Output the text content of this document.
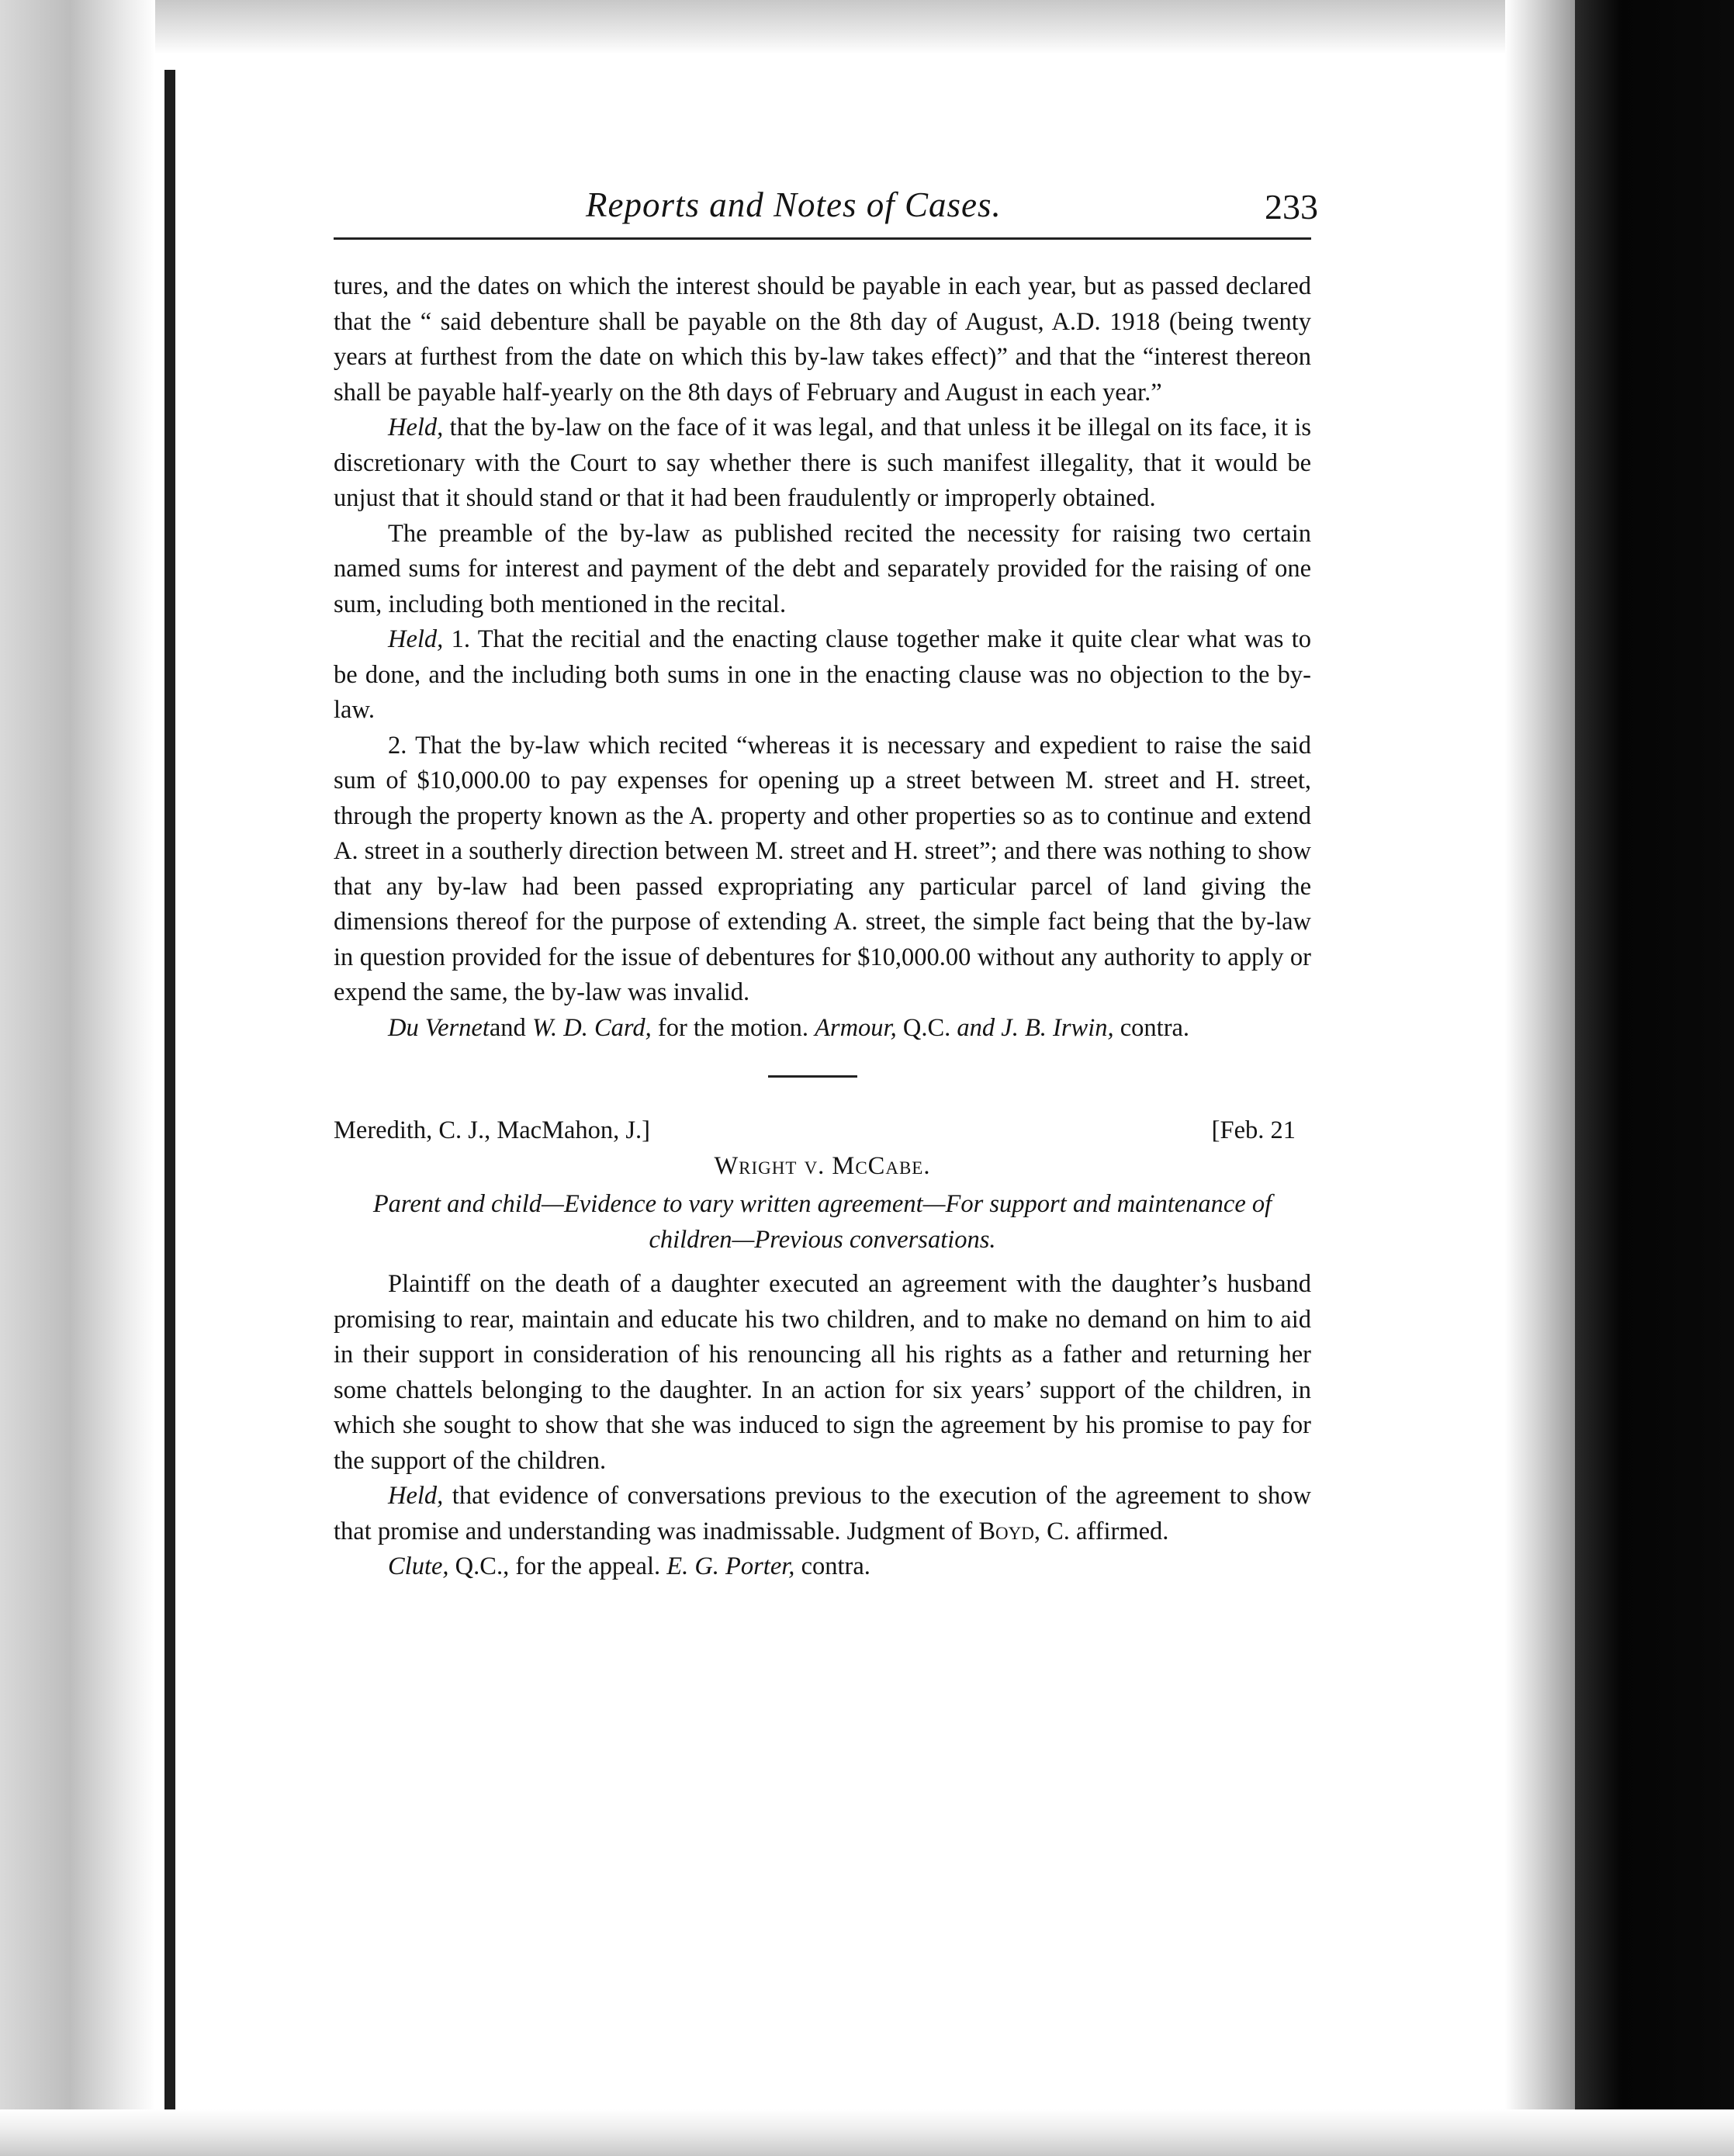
Reports and Notes of Cases.	233

tures, and the dates on which the interest should be payable in each year, but as passed declared that the “ said debenture shall be payable on the 8th day of August, A.D. 1918 (being twenty years at furthest from the date on which this by-law takes effect)” and that the “interest thereon shall be payable half-yearly on the 8th days of February and August in each year.”

Held, that the by-law on the face of it was legal, and that unless it be illegal on its face, it is discretionary with the Court to say whether there is such manifest illegality, that it would be unjust that it should stand or that it had been fraudulently or improperly obtained.

The preamble of the by-law as published recited the necessity for raising two certain named sums for interest and payment of the debt and separately provided for the raising of one sum, including both mentioned in the recital.

Held, 1. That the recitial and the enacting clause together make it quite clear what was to be done, and the including both sums in one in the enacting clause was no objection to the by-law.

2. That the by-law which recited “whereas it is necessary and expedient to raise the said sum of $10,000.00 to pay expenses for opening up a street between M. street and H. street, through the property known as the A. property and other properties so as to continue and extend A. street in a southerly direction between M. street and H. street”; and there was nothing to show that any by-law had been passed expropriating any particular parcel of land giving the dimensions thereof for the purpose of extending A. street, the simple fact being that the by-law in question provided for the issue of debentures for $10,000.00 without any authority to apply or expend the same, the by-law was invalid.

Du Vernetand W. D. Card, for the motion. Armour, Q.C. and J. B. Irwin, contra.

Meredith, C. J., MacMahon, J.]	[Feb. 21
Wright v. McCabe.
Parent and child—Evidence to vary written agreement—For support and maintenance of children—Previous conversations.

Plaintiff on the death of a daughter executed an agreement with the daughter’s husband promising to rear, maintain and educate his two children, and to make no demand on him to aid in their support in consideration of his renouncing all his rights as a father and returning her some chattels belonging to the daughter. In an action for six years’ support of the children, in which she sought to show that she was induced to sign the agreement by his promise to pay for the support of the children.

Held, that evidence of conversations previous to the execution of the agreement to show that promise and understanding was inadmissable. Judgment of Boyd, C. affirmed.

Clute, Q.C., for the appeal. E. G. Porter, contra.
